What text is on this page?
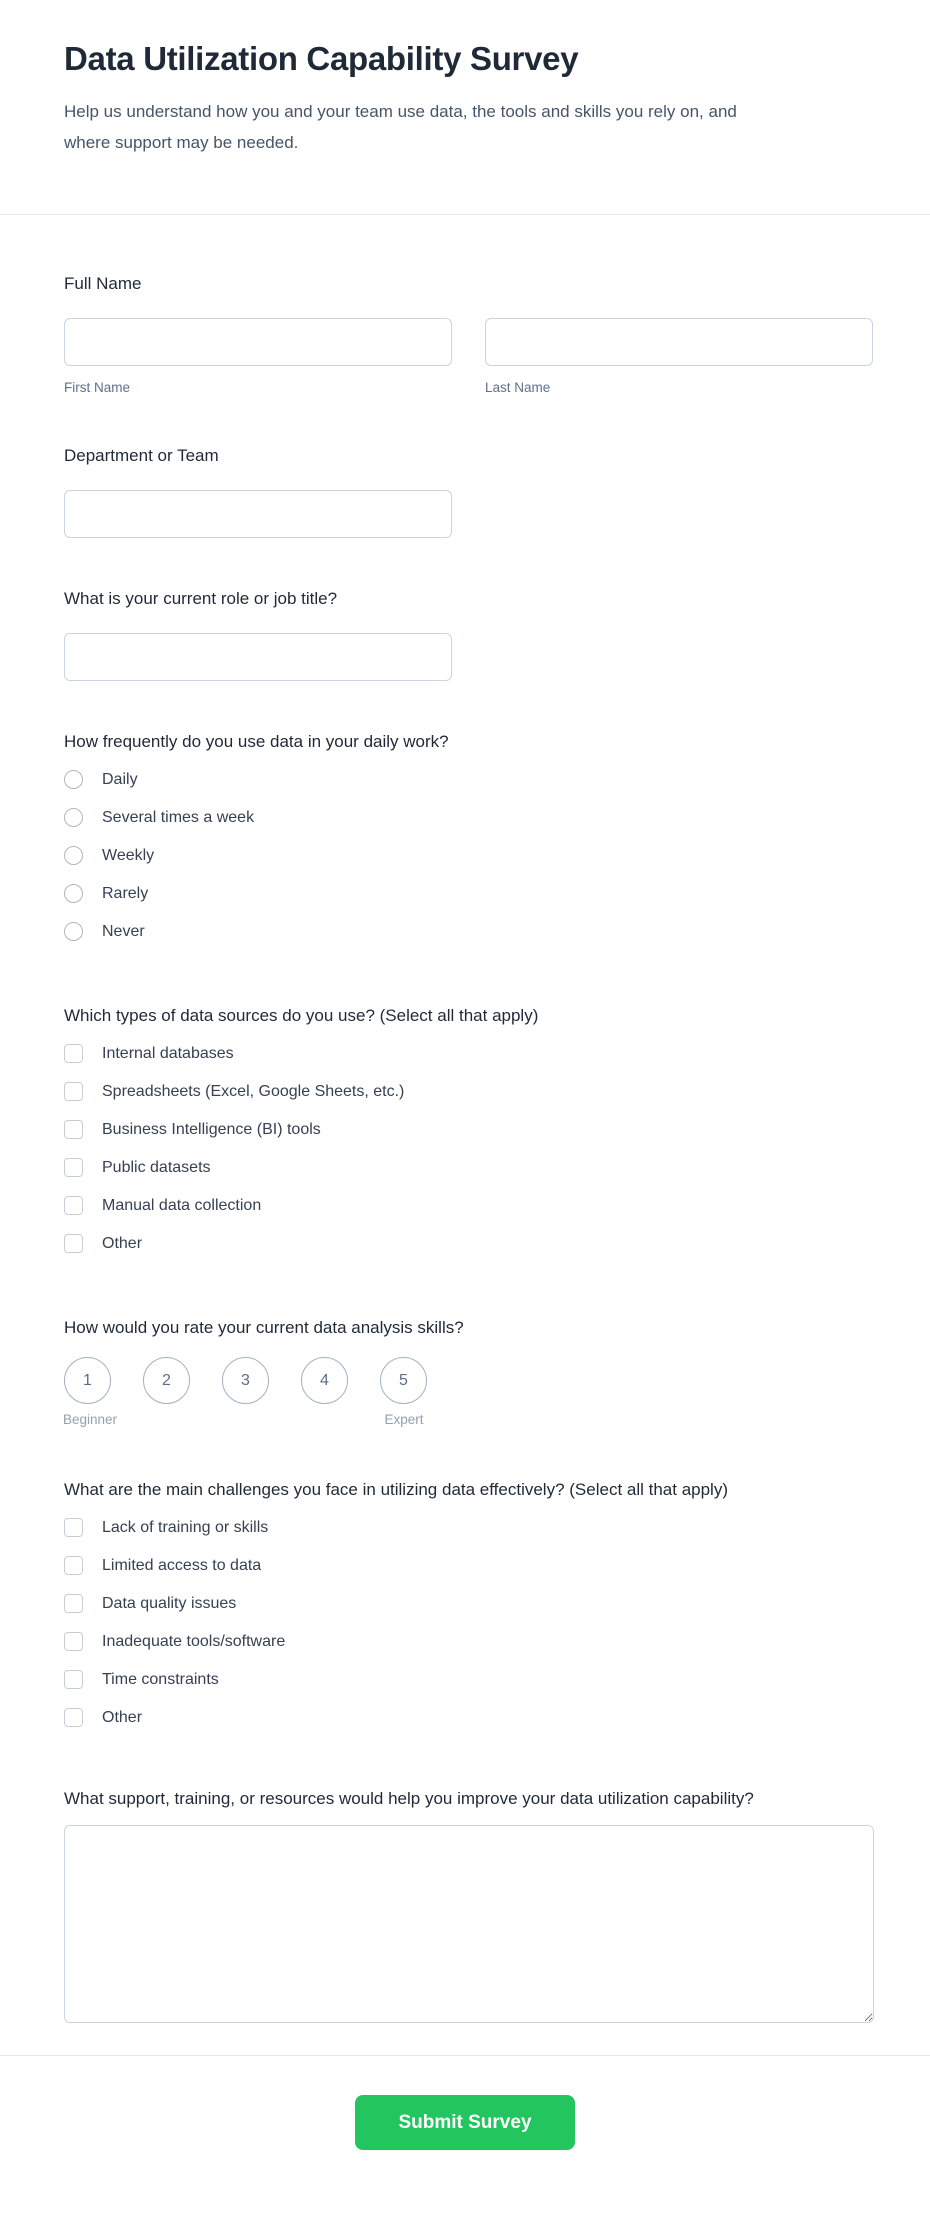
Data Utilization Capability Survey
Help us understand how you and your team use data, the tools and skills you rely on, and where support may be needed.
Full Name
First Name	Last Name
Department or Team
What is your current role or job title?
How frequently do you use data in your daily work?
Daily
Several times a week
Weekly
Rarely
Never
Which types of data sources do you use? (Select all that apply)
Internal databases
Spreadsheets (Excel, Google Sheets, etc.)
Business Intelligence (BI) tools
Public datasets
Manual data collection
Other
How would you rate your current data analysis skills?
1	2	3	4	5
Beginner	Expert
What are the main challenges you face in utilizing data effectively? (Select all that apply)
Lack of training or skills
Limited access to data
Data quality issues
Inadequate tools/software
Time constraints
Other
What support, training, or resources would help you improve your data utilization capability?
Submit Survey
